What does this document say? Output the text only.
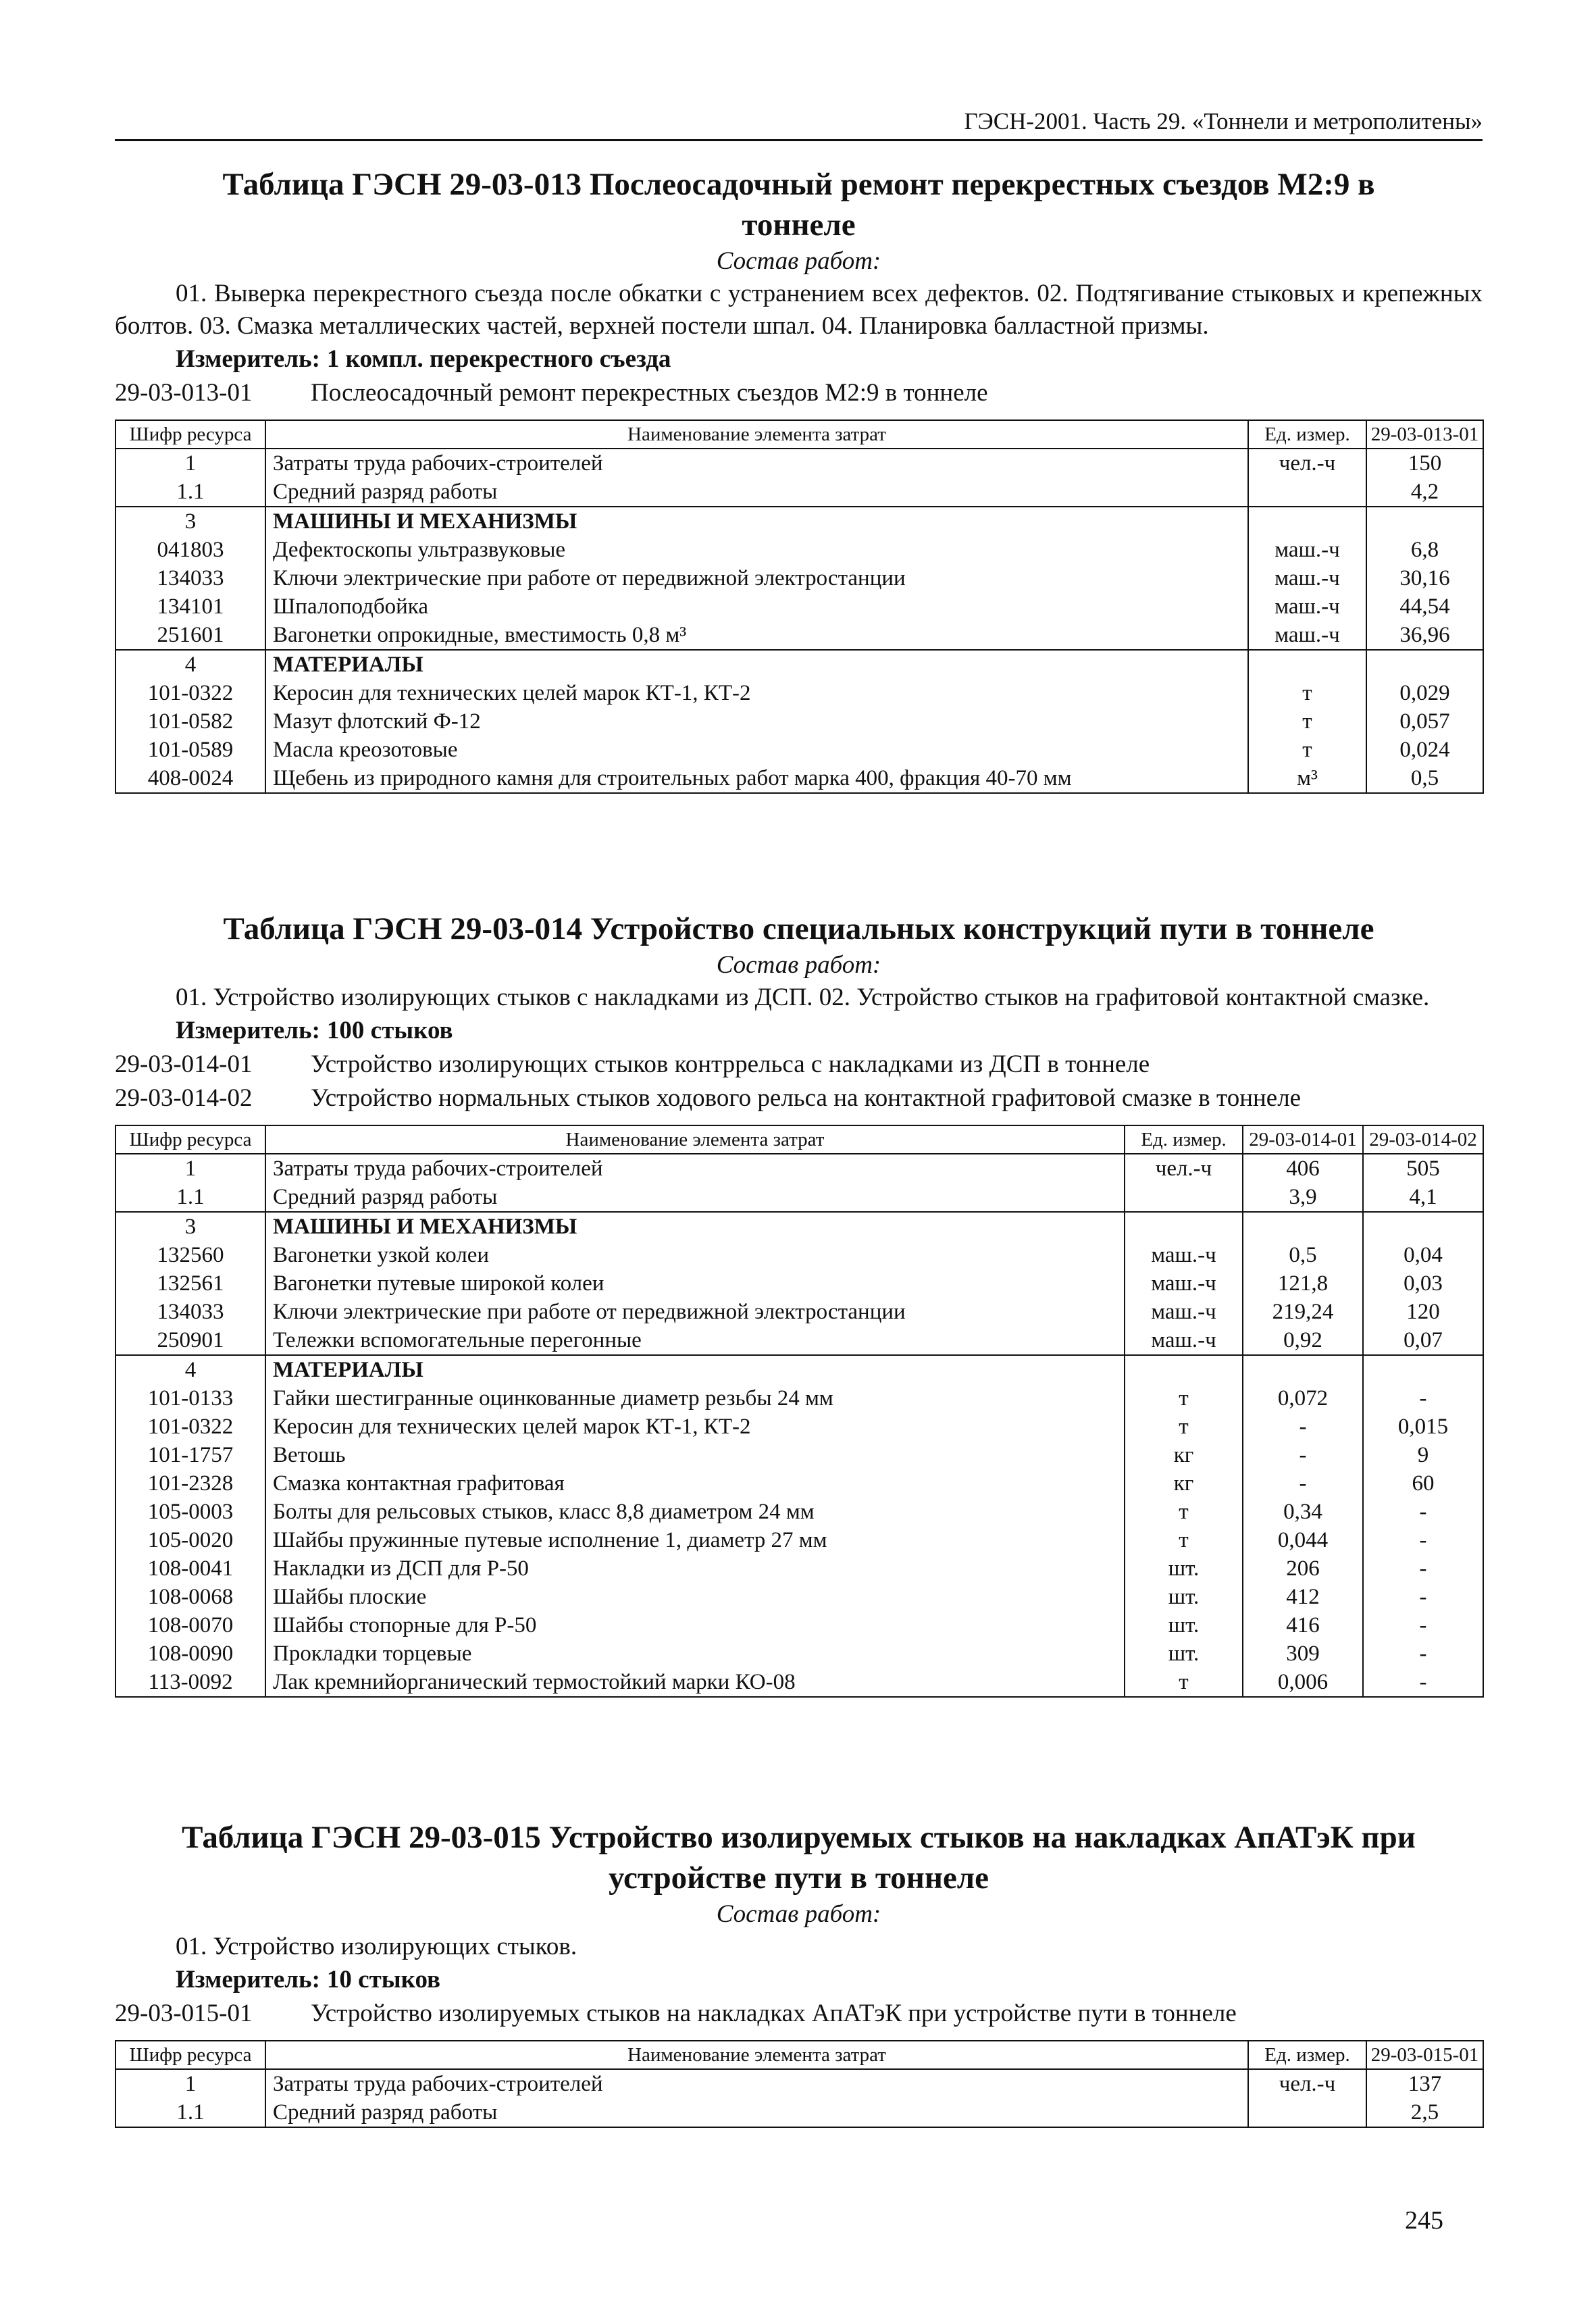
ГЭСН-2001. Часть 29. «Тоннели и метрополитены»
Таблица ГЭСН 29-03-013 Послеосадочный ремонт перекрестных съездов М2:9 в
тоннеле

Состав работ:

01. Выверка перекрестного съезда после обкатки с устранением всех дефектов. 02. Подтягивание стыковых и крепежных болтов. 03. Смазка металлических частей, верхней постели шпал. 04. Планировка балластной призмы.

Измеритель: 1 компл. перекрестного съезда

29-03-013-01 Послеосадочный ремонт перекрестных съездов М2:9 в тоннеле

Шифр ресурса	Наименование элемента затрат	Ед. измер.	29-03-013-01
1	Затраты труда рабочих-строителей	чел.-ч	150
1.1	Средний разряд работы		4,2
3	МАШИНЫ И МЕХАНИЗМЫ		
041803	Дефектоскопы ультразвуковые	маш.-ч	6,8
134033	Ключи электрические при работе от передвижной электростанции	маш.-ч	30,16
134101	Шпалоподбойка	маш.-ч	44,54
251601	Вагонетки опрокидные, вместимость 0,8 м³	маш.-ч	36,96
4	МАТЕРИАЛЫ		
101-0322	Керосин для технических целей марок КТ-1, КТ-2	т	0,029
101-0582	Мазут флотский Ф-12	т	0,057
101-0589	Масла креозотовые	т	0,024
408-0024	Щебень из природного камня для строительных работ марка 400, фракция 40-70 мм	м³	0,5
Таблица ГЭСН 29-03-014 Устройство специальных конструкций пути в тоннеле

Состав работ:

01. Устройство изолирующих стыков с накладками из ДСП. 02. Устройство стыков на графитовой контактной смазке.

Измеритель: 100 стыков

29-03-014-01 Устройство изолирующих стыков контррельса с накладками из ДСП в тоннеле

29-03-014-02 Устройство нормальных стыков ходового рельса на контактной графитовой смазке в тоннеле

Шифр ресурса	Наименование элемента затрат	Ед. измер.	29-03-014-01	29-03-014-02
1	Затраты труда рабочих-строителей	чел.-ч	406	505
1.1	Средний разряд работы		3,9	4,1
3	МАШИНЫ И МЕХАНИЗМЫ			
132560	Вагонетки узкой колеи	маш.-ч	0,5	0,04
132561	Вагонетки путевые широкой колеи	маш.-ч	121,8	0,03
134033	Ключи электрические при работе от передвижной электростанции	маш.-ч	219,24	120
250901	Тележки вспомогательные перегонные	маш.-ч	0,92	0,07
4	МАТЕРИАЛЫ			
101-0133	Гайки шестигранные оцинкованные диаметр резьбы 24 мм	т	0,072	-
101-0322	Керосин для технических целей марок КТ-1, КТ-2	т	-	0,015
101-1757	Ветошь	кг	-	9
101-2328	Смазка контактная графитовая	кг	-	60
105-0003	Болты для рельсовых стыков, класс 8,8 диаметром 24 мм	т	0,34	-
105-0020	Шайбы пружинные путевые исполнение 1, диаметр 27 мм	т	0,044	-
108-0041	Накладки из ДСП для Р-50	шт.	206	-
108-0068	Шайбы плоские	шт.	412	-
108-0070	Шайбы стопорные для Р-50	шт.	416	-
108-0090	Прокладки торцевые	шт.	309	-
113-0092	Лак кремнийорганический термостойкий марки КО-08	т	0,006	-
Таблица ГЭСН 29-03-015 Устройство изолируемых стыков на накладках АпАТэК при
устройстве пути в тоннеле

Состав работ:

01. Устройство изолирующих стыков.

Измеритель: 10 стыков

29-03-015-01 Устройство изолируемых стыков на накладках АпАТэК при устройстве пути в тоннеле

Шифр ресурса	Наименование элемента затрат	Ед. измер.	29-03-015-01
1	Затраты труда рабочих-строителей	чел.-ч	137
1.1	Средний разряд работы		2,5
245
